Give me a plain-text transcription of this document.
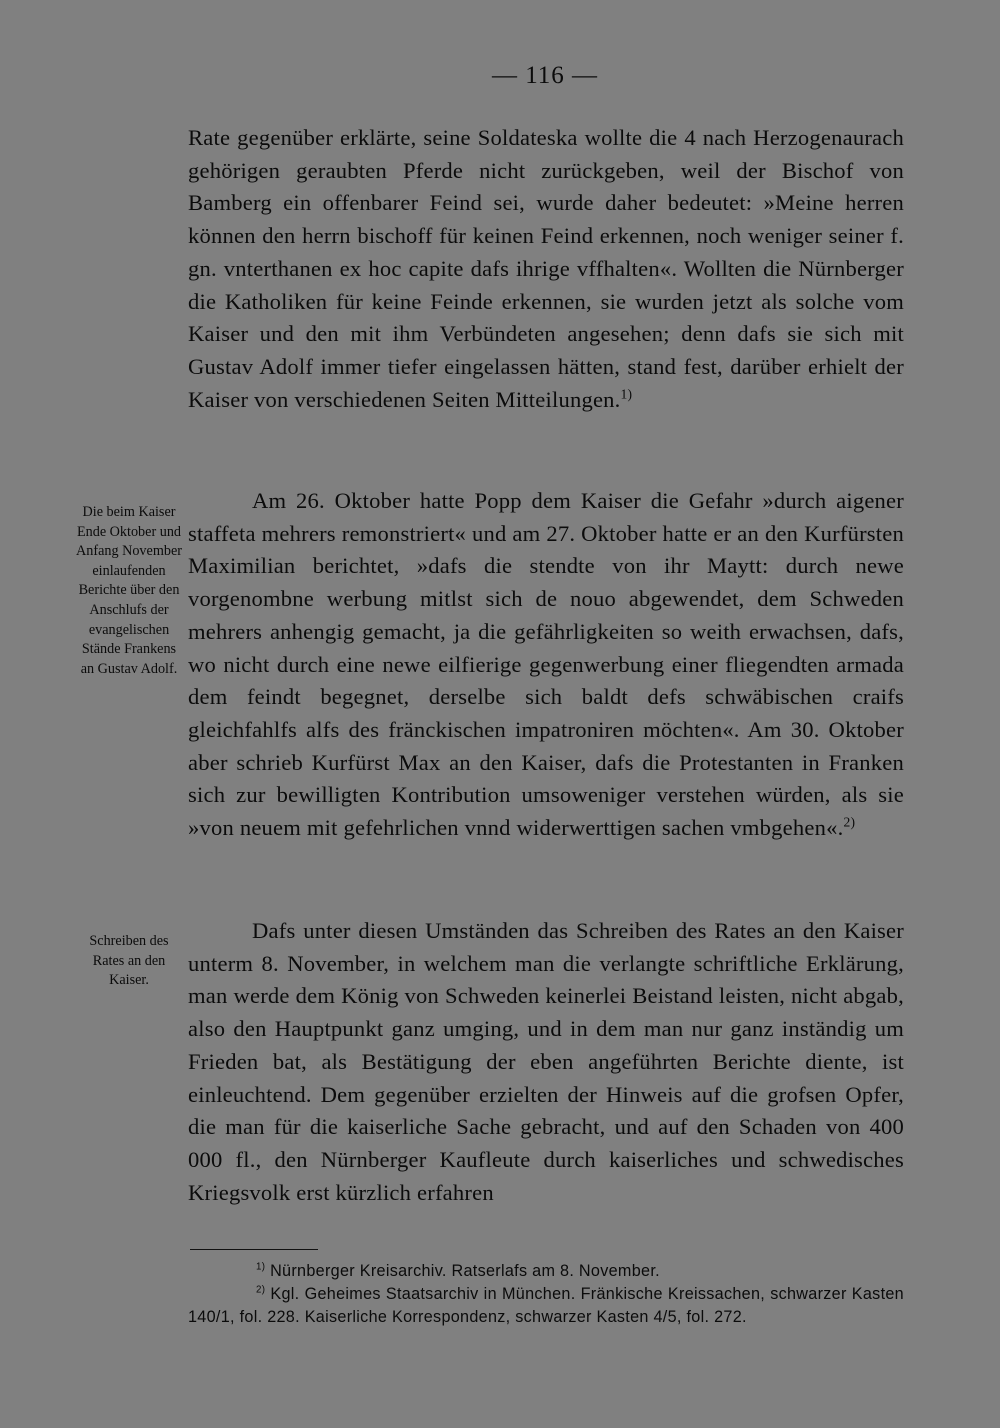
— 116 —

Rate gegenüber erklärte, seine Soldateska wollte die 4 nach Herzogenaurach gehörigen geraubten Pferde nicht zurückgeben, weil der Bischof von Bamberg ein offenbarer Feind sei, wurde daher bedeutet: »Meine herren können den herrn bischoff für keinen Feind erkennen, noch weniger seiner f. gn. vnterthanen ex hoc capite dafs ihrige vffhalten«. Wollten die Nürnberger die Katholiken für keine Feinde erkennen, sie wurden jetzt als solche vom Kaiser und den mit ihm Verbündeten angesehen; denn dafs sie sich mit Gustav Adolf immer tiefer eingelassen hätten, stand fest, darüber erhielt der Kaiser von verschiedenen Seiten Mitteilungen.$^{1)}$

Die beim Kaiser Ende Oktober und Anfang November einlaufenden Berichte über den Anschlufs der evangelischen Stände Frankens an Gustav Adolf.

Am 26. Oktober hatte Popp dem Kaiser die Gefahr »durch aigener staffeta mehrers remonstriert« und am 27. Oktober hatte er an den Kurfürsten Maximilian berichtet, »dafs die stendte von ihr Maytt: durch newe vorgenombne werbung mitlst sich de nouo abgewendet, dem Schweden mehrers anhengig gemacht, ja die gefährligkeiten so weith erwachsen, dafs, wo nicht durch eine newe eilfierige gegenwerbung einer fliegendten armada dem feindt begegnet, derselbe sich baldt defs schwäbischen craifs gleichfahlfs alfs des fränckischen impatroniren möchten«. Am 30. Oktober aber schrieb Kurfürst Max an den Kaiser, dafs die Protestanten in Franken sich zur bewilligten Kontribution umsoweniger verstehen würden, als sie »von neuem mit gefehrlichen vnnd widerwerttigen sachen vmbgehen«.$^{2)}$

Schreiben des Rates an den Kaiser.

Dafs unter diesen Umständen das Schreiben des Rates an den Kaiser unterm 8. November, in welchem man die verlangte schriftliche Erklärung, man werde dem König von Schweden keinerlei Beistand leisten, nicht abgab, also den Hauptpunkt ganz umging, und in dem man nur ganz inständig um Frieden bat, als Bestätigung der eben angeführten Berichte diente, ist einleuchtend. Dem gegenüber erzielten der Hinweis auf die grofsen Opfer, die man für die kaiserliche Sache gebracht, und auf den Schaden von 400 000 fl., den Nürnberger Kaufleute durch kaiserliches und schwedisches Kriegsvolk erst kürzlich erfahren

$^{1)}$ Nürnberger Kreisarchiv. Ratserlafs am 8. November.

$^{2)}$ Kgl. Geheimes Staatsarchiv in München. Fränkische Kreissachen, schwarzer Kasten 140/1, fol. 228. Kaiserliche Korrespondenz, schwarzer Kasten 4/5, fol. 272.
